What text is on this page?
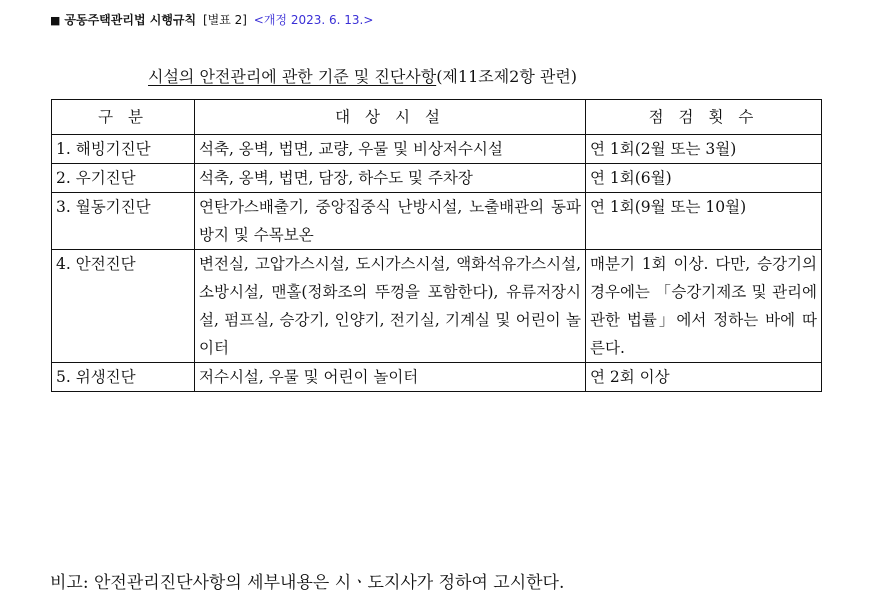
■ 공동주택관리법 시행규칙 [별표 2] <개정 2023. 6. 13.>
시설의 안전관리에 관한 기준 및 진단사항(제11조제2항 관련)
구 분	대 상 시 설	점 검 횟 수
1. 해빙기진단	석축, 옹벽, 법면, 교량, 우물 및 비상저수시설	연 1회(2월 또는 3월)
2. 우기진단	석축, 옹벽, 법면, 담장, 하수도 및 주차장	연 1회(6월)
3. 월동기진단	연탄가스배출기, 중앙집중식 난방시설, 노출배관의 동파방지 및 수목보온	연 1회(9월 또는 10월)
4. 안전진단	변전실, 고압가스시설, 도시가스시설, 액화석유가스시설, 소방시설, 맨홀(정화조의 뚜껑을 포함한다), 유류저장시설, 펌프실, 승강기, 인양기, 전기실, 기계실 및 어린이 놀이터	매분기 1회 이상. 다만, 승강기의 경우에는 「승강기제조 및 관리에 관한 법률」에서 정하는 바에 따른다.
5. 위생진단	저수시설, 우물 및 어린이 놀이터	연 2회 이상
비고: 안전관리진단사항의 세부내용은 시ㆍ도지사가 정하여 고시한다.
